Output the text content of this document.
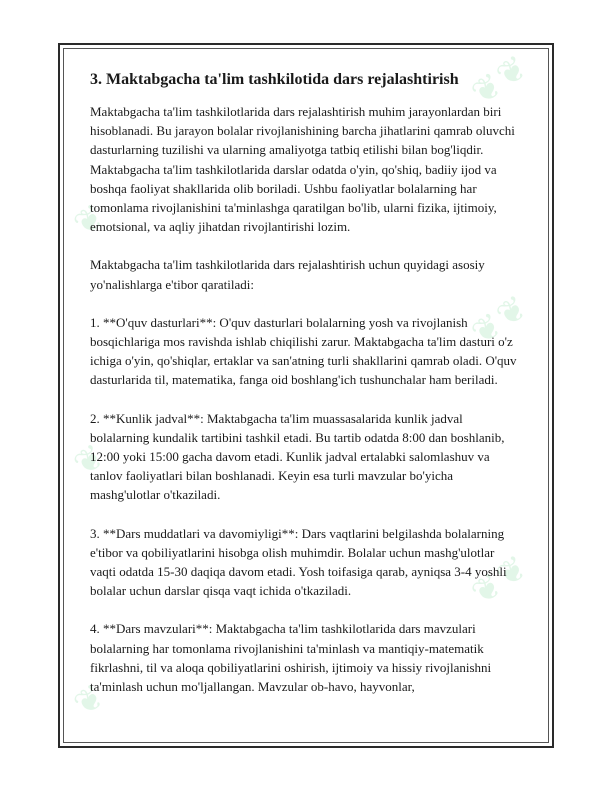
❦❦
❦
❦❦
❦
❦❦
❦
3. Maktabgacha ta'lim tashkilotida dars rejalashtirish

Maktabgacha ta'lim tashkilotlarida dars rejalashtirish muhim jarayonlardan biri hisoblanadi. Bu jarayon bolalar rivojlanishining barcha jihatlarini qamrab oluvchi dasturlarning tuzilishi va ularning amaliyotga tatbiq etilishi bilan bog'liqdir. Maktabgacha ta'lim tashkilotlarida darslar odatda o'yin, qo'shiq, badiiy ijod va boshqa faoliyat shakllarida olib boriladi. Ushbu faoliyatlar bolalarning har tomonlama rivojlanishini ta'minlashga qaratilgan bo'lib, ularni fizika, ijtimoiy, emotsional, va aqliy jihatdan rivojlantirishi lozim.

Maktabgacha ta'lim tashkilotlarida dars rejalashtirish uchun quyidagi asosiy yo'nalishlarga e'tibor qaratiladi:

1. **O'quv dasturlari**: O'quv dasturlari bolalarning yosh va rivojlanish bosqichlariga mos ravishda ishlab chiqilishi zarur. Maktabgacha ta'lim dasturi o'z ichiga o'yin, qo'shiqlar, ertaklar va san'atning turli shakllarini qamrab oladi. O'quv dasturlarida til, matematika, fanga oid boshlang'ich tushunchalar ham beriladi.

2. **Kunlik jadval**: Maktabgacha ta'lim muassasalarida kunlik jadval bolalarning kundalik tartibini tashkil etadi. Bu tartib odatda 8:00 dan boshlanib, 12:00 yoki 15:00 gacha davom etadi. Kunlik jadval ertalabki salomlashuv va tanlov faoliyatlari bilan boshlanadi. Keyin esa turli mavzular bo'yicha mashg'ulotlar o'tkaziladi.

3. **Dars muddatlari va davomiyligi**: Dars vaqtlarini belgilashda bolalarning e'tibor va qobiliyatlarini hisobga olish muhimdir. Bolalar uchun mashg'ulotlar vaqti odatda 15-30 daqiqa davom etadi. Yosh toifasiga qarab, ayniqsa 3-4 yoshli bolalar uchun darslar qisqa vaqt ichida o'tkaziladi.

4. **Dars mavzulari**: Maktabgacha ta'lim tashkilotlarida dars mavzulari bolalarning har tomonlama rivojlanishini ta'minlash va mantiqiy-matematik fikrlashni, til va aloqa qobiliyatlarini oshirish, ijtimoiy va hissiy rivojlanishni ta'minlash uchun mo'ljallangan. Mavzular ob-havo, hayvonlar,
